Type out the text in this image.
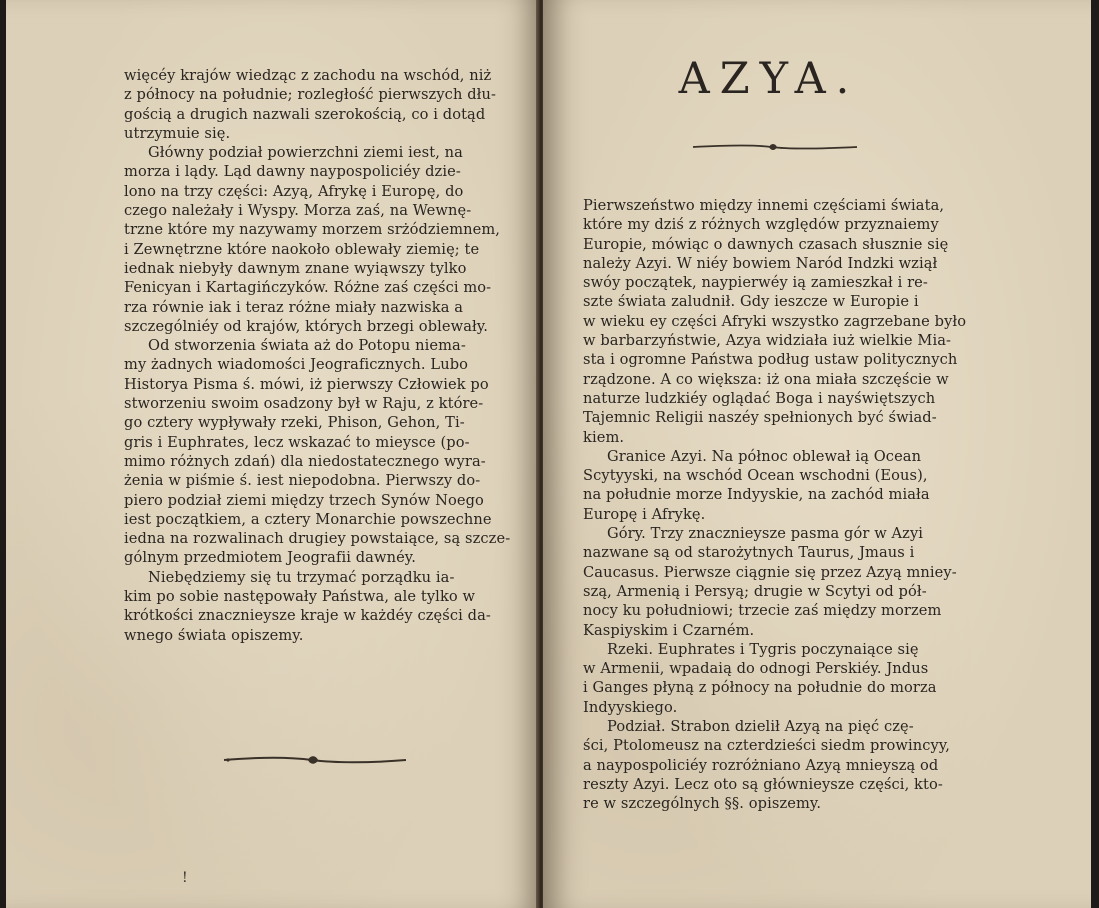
więcéy krajów wiedząc z zachodu na wschód, niż
z północy na południe; rozległość pierwszych dłu-
gością a drugich nazwali szerokością, co i dotąd
utrzymuie się.
Główny podział powierzchni ziemi iest, na
morza i lądy. Ląd dawny naypospoliciéy dzie-
lono na trzy części: Azyą, Afrykę i Europę, do
czego należały i Wyspy. Morza zaś, na Wewnę-
trzne które my nazywamy morzem srżódziemnem,
i Zewnętrzne które naokoło oblewały ziemię; te
iednak niebyły dawnym znane wyiąwszy tylko
Fenicyan i Kartagińczyków. Różne zaś części mo-
rza równie iak i teraz różne miały nazwiska a
szczególniéy od krajów, których brzegi oblewały.
Od stworzenia świata aż do Potopu niema-
my żadnych wiadomości Jeograficznych. Lubo
Historya Pisma ś. mówi, iż pierwszy Człowiek po
stworzeniu swoim osadzony był w Raju, z które-
go cztery wypływały rzeki, Phison, Gehon, Ti-
gris i Euphrates, lecz wskazać to mieysce (po-
mimo różnych zdań) dla niedostatecznego wyra-
żenia w piśmie ś. iest niepodobna. Pierwszy do-
piero podział ziemi między trzech Synów Noego
iest początkiem, a cztery Monarchie powszechne
iedna na rozwalinach drugiey powstaiące, są szcze-
gólnym przedmiotem Jeografii dawnéy.
Niebędziemy się tu trzymać porządku ia-
kim po sobie następowały Państwa, ale tylko w
krótkości znacznieysze kraje w każdéy części da-
wnego świata opiszemy.
!
AZYA.
Pierwszeństwo między innemi częściami świata,
które my dziś z różnych względów przyznaiemy
Europie, mówiąc o dawnych czasach słusznie się
należy Azyi. W niéy bowiem Naród Indzki wziął
swóy początek, naypierwéy ią zamieszkał i re-
szte świata zaludnił. Gdy ieszcze w Europie i
w wieku ey części Afryki wszystko zagrzebane było
w barbarzyństwie, Azya widziała iuż wielkie Mia-
sta i ogromne Państwa podług ustaw politycznych
rządzone. A co większa: iż ona miała szczęście w
naturze ludzkiéy oglądać Boga i nayświętszych
Tajemnic Religii naszéy spełnionych być świad-
kiem.
Granice Azyi. Na północ oblewał ią Ocean
Scytyyski, na wschód Ocean wschodni (Eous),
na południe morze Indyyskie, na zachód miała
Europę i Afrykę.
Góry. Trzy znacznieysze pasma gór w Azyi
nazwane są od starożytnych Taurus, Jmaus i
Caucasus. Pierwsze ciągnie się przez Azyą mniey-
szą, Armenią i Persyą; drugie w Scytyi od pół-
nocy ku południowi; trzecie zaś między morzem
Kaspiyskim i Czarném.
Rzeki. Euphrates i Tygris poczynaiące się
w Armenii, wpadaią do odnogi Perskiéy. Jndus
i Ganges płyną z północy na południe do morza
Indyyskiego.
Podział. Strabon dzielił Azyą na pięć czę-
ści, Ptolomeusz na czterdzieści siedm prowincyy,
a naypospoliciéy rozróżniano Azyą mnieyszą od
reszty Azyi. Lecz oto są głównieysze części, kto-
re w szczególnych §§. opiszemy.
